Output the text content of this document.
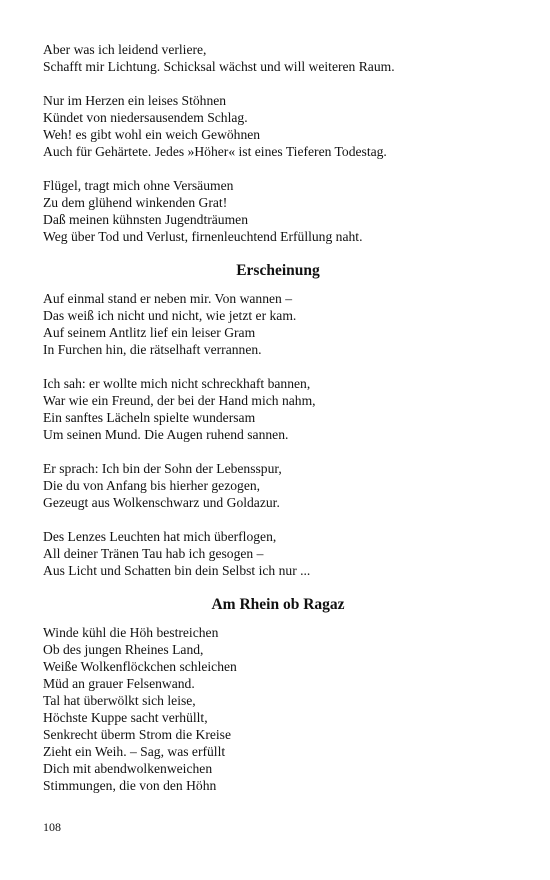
Aber was ich leidend verliere,
Schafft mir Lichtung. Schicksal wächst und will weiteren Raum.
Nur im Herzen ein leises Stöhnen
Kündet von niedersausendem Schlag.
Weh! es gibt wohl ein weich Gewöhnen
Auch für Gehärtete. Jedes »Höher« ist eines Tieferen Todestag.
Flügel, tragt mich ohne Versäumen
Zu dem glühend winkenden Grat!
Daß meinen kühnsten Jugendträumen
Weg über Tod und Verlust, firnenleuchtend Erfüllung naht.
Erscheinung
Auf einmal stand er neben mir. Von wannen –
Das weiß ich nicht und nicht, wie jetzt er kam.
Auf seinem Antlitz lief ein leiser Gram
In Furchen hin, die rätselhaft verrannen.
Ich sah: er wollte mich nicht schreckhaft bannen,
War wie ein Freund, der bei der Hand mich nahm,
Ein sanftes Lächeln spielte wundersam
Um seinen Mund. Die Augen ruhend sannen.
Er sprach: Ich bin der Sohn der Lebensspur,
Die du von Anfang bis hierher gezogen,
Gezeugt aus Wolkenschwarz und Goldazur.
Des Lenzes Leuchten hat mich überflogen,
All deiner Tränen Tau hab ich gesogen –
Aus Licht und Schatten bin dein Selbst ich nur ...
Am Rhein ob Ragaz
Winde kühl die Höh bestreichen
Ob des jungen Rheines Land,
Weiße Wolkenflöckchen schleichen
Müd an grauer Felsenwand.
Tal hat überwölkt sich leise,
Höchste Kuppe sacht verhüllt,
Senkrecht überm Strom die Kreise
Zieht ein Weih. – Sag, was erfüllt
Dich mit abendwolkenweichen
Stimmungen, die von den Höhn
108
